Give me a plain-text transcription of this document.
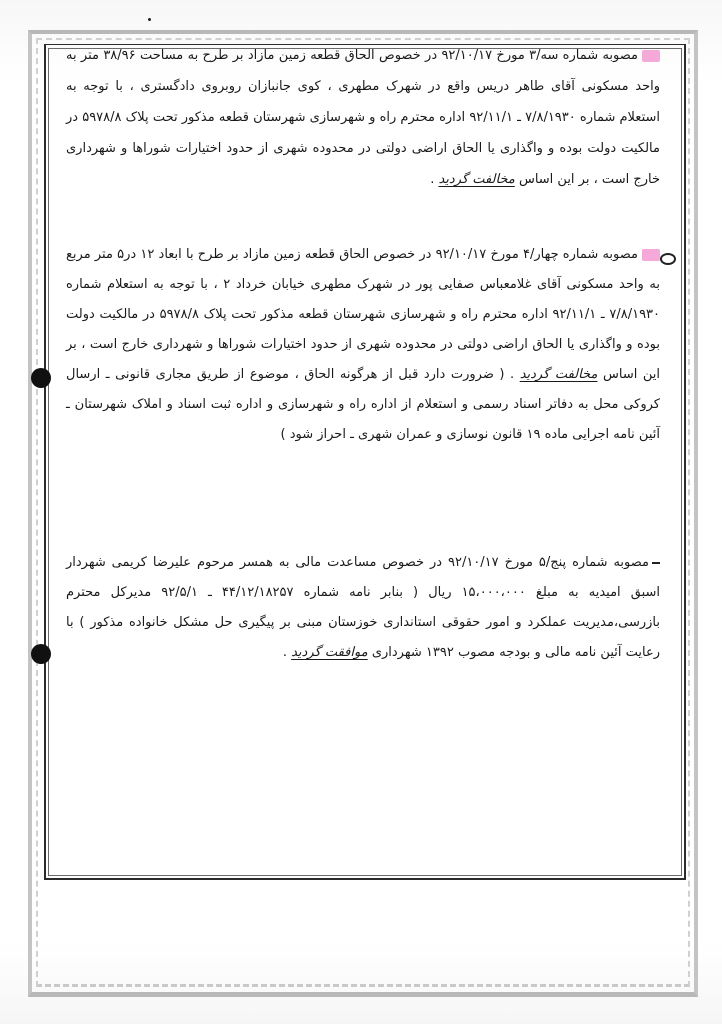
مصوبه شماره سه/۳ مورخ ۹۲/۱۰/۱۷ در خصوص الحاق قطعه زمین مازاد بر طرح به مساحت ۳۸/۹۶ متر به واحد مسکونی آقای طاهر دریس واقع در شهرک مطهری ، کوی جانبازان روبروی دادگستری ، با توجه به استعلام شماره ۷/۸/۱۹۳۰ ـ ۹۲/۱۱/۱ اداره محترم راه و شهرسازی شهرستان قطعه مذکور تحت پلاک ۵۹۷۸/۸ در مالکیت دولت بوده و واگذاری یا الحاق اراضی دولتی در محدوده شهری از حدود اختیارات شوراها و شهرداری خارج است ، بر این اساس مخالفت گردید .

مصوبه شماره چهار/۴ مورخ ۹۲/۱۰/۱۷ در خصوص الحاق قطعه زمین مازاد بر طرح با ابعاد ۱۲ در۵ متر مربع به واحد مسکونی آقای غلامعباس صفایی پور در شهرک مطهری خیابان خرداد ۲ ، با توجه به استعلام شماره ۷/۸/۱۹۳۰ ـ ۹۲/۱۱/۱ اداره محترم راه و شهرسازی شهرستان قطعه مذکور تحت پلاک ۵۹۷۸/۸ در مالکیت دولت بوده و واگذاری یا الحاق اراضی دولتی در محدوده شهری از حدود اختیارات شوراها و شهرداری خارج است ، بر این اساس مخالفت گردید . ( ضرورت دارد قبل از هرگونه الحاق ، موضوع از طریق مجاری قانونی ـ ارسال کروکی محل به دفاتر اسناد رسمی و استعلام از اداره راه و شهرسازی و اداره ثبت اسناد و املاک شهرستان ـ آئین نامه اجرایی ماده ۱۹ قانون نوسازی و عمران شهری ـ احراز شود )

مصوبه شماره پنج/۵ مورخ ۹۲/۱۰/۱۷ در خصوص مساعدت مالی به همسر مرحوم علیرضا کریمی شهردار اسبق امیدیه به مبلغ ۱۵،۰۰۰،۰۰۰ ریال ( بنابر نامه شماره ۴۴/۱۲/۱۸۲۵۷ ـ ۹۲/۵/۱ مدیرکل محترم بازرسی،مدیریت عملکرد و امور حقوقی استانداری خوزستان مبنی بر پیگیری حل مشکل خانواده مذکور ) با رعایت آئین نامه مالی و بودجه مصوب ۱۳۹۲ شهرداری موافقت گردید .
